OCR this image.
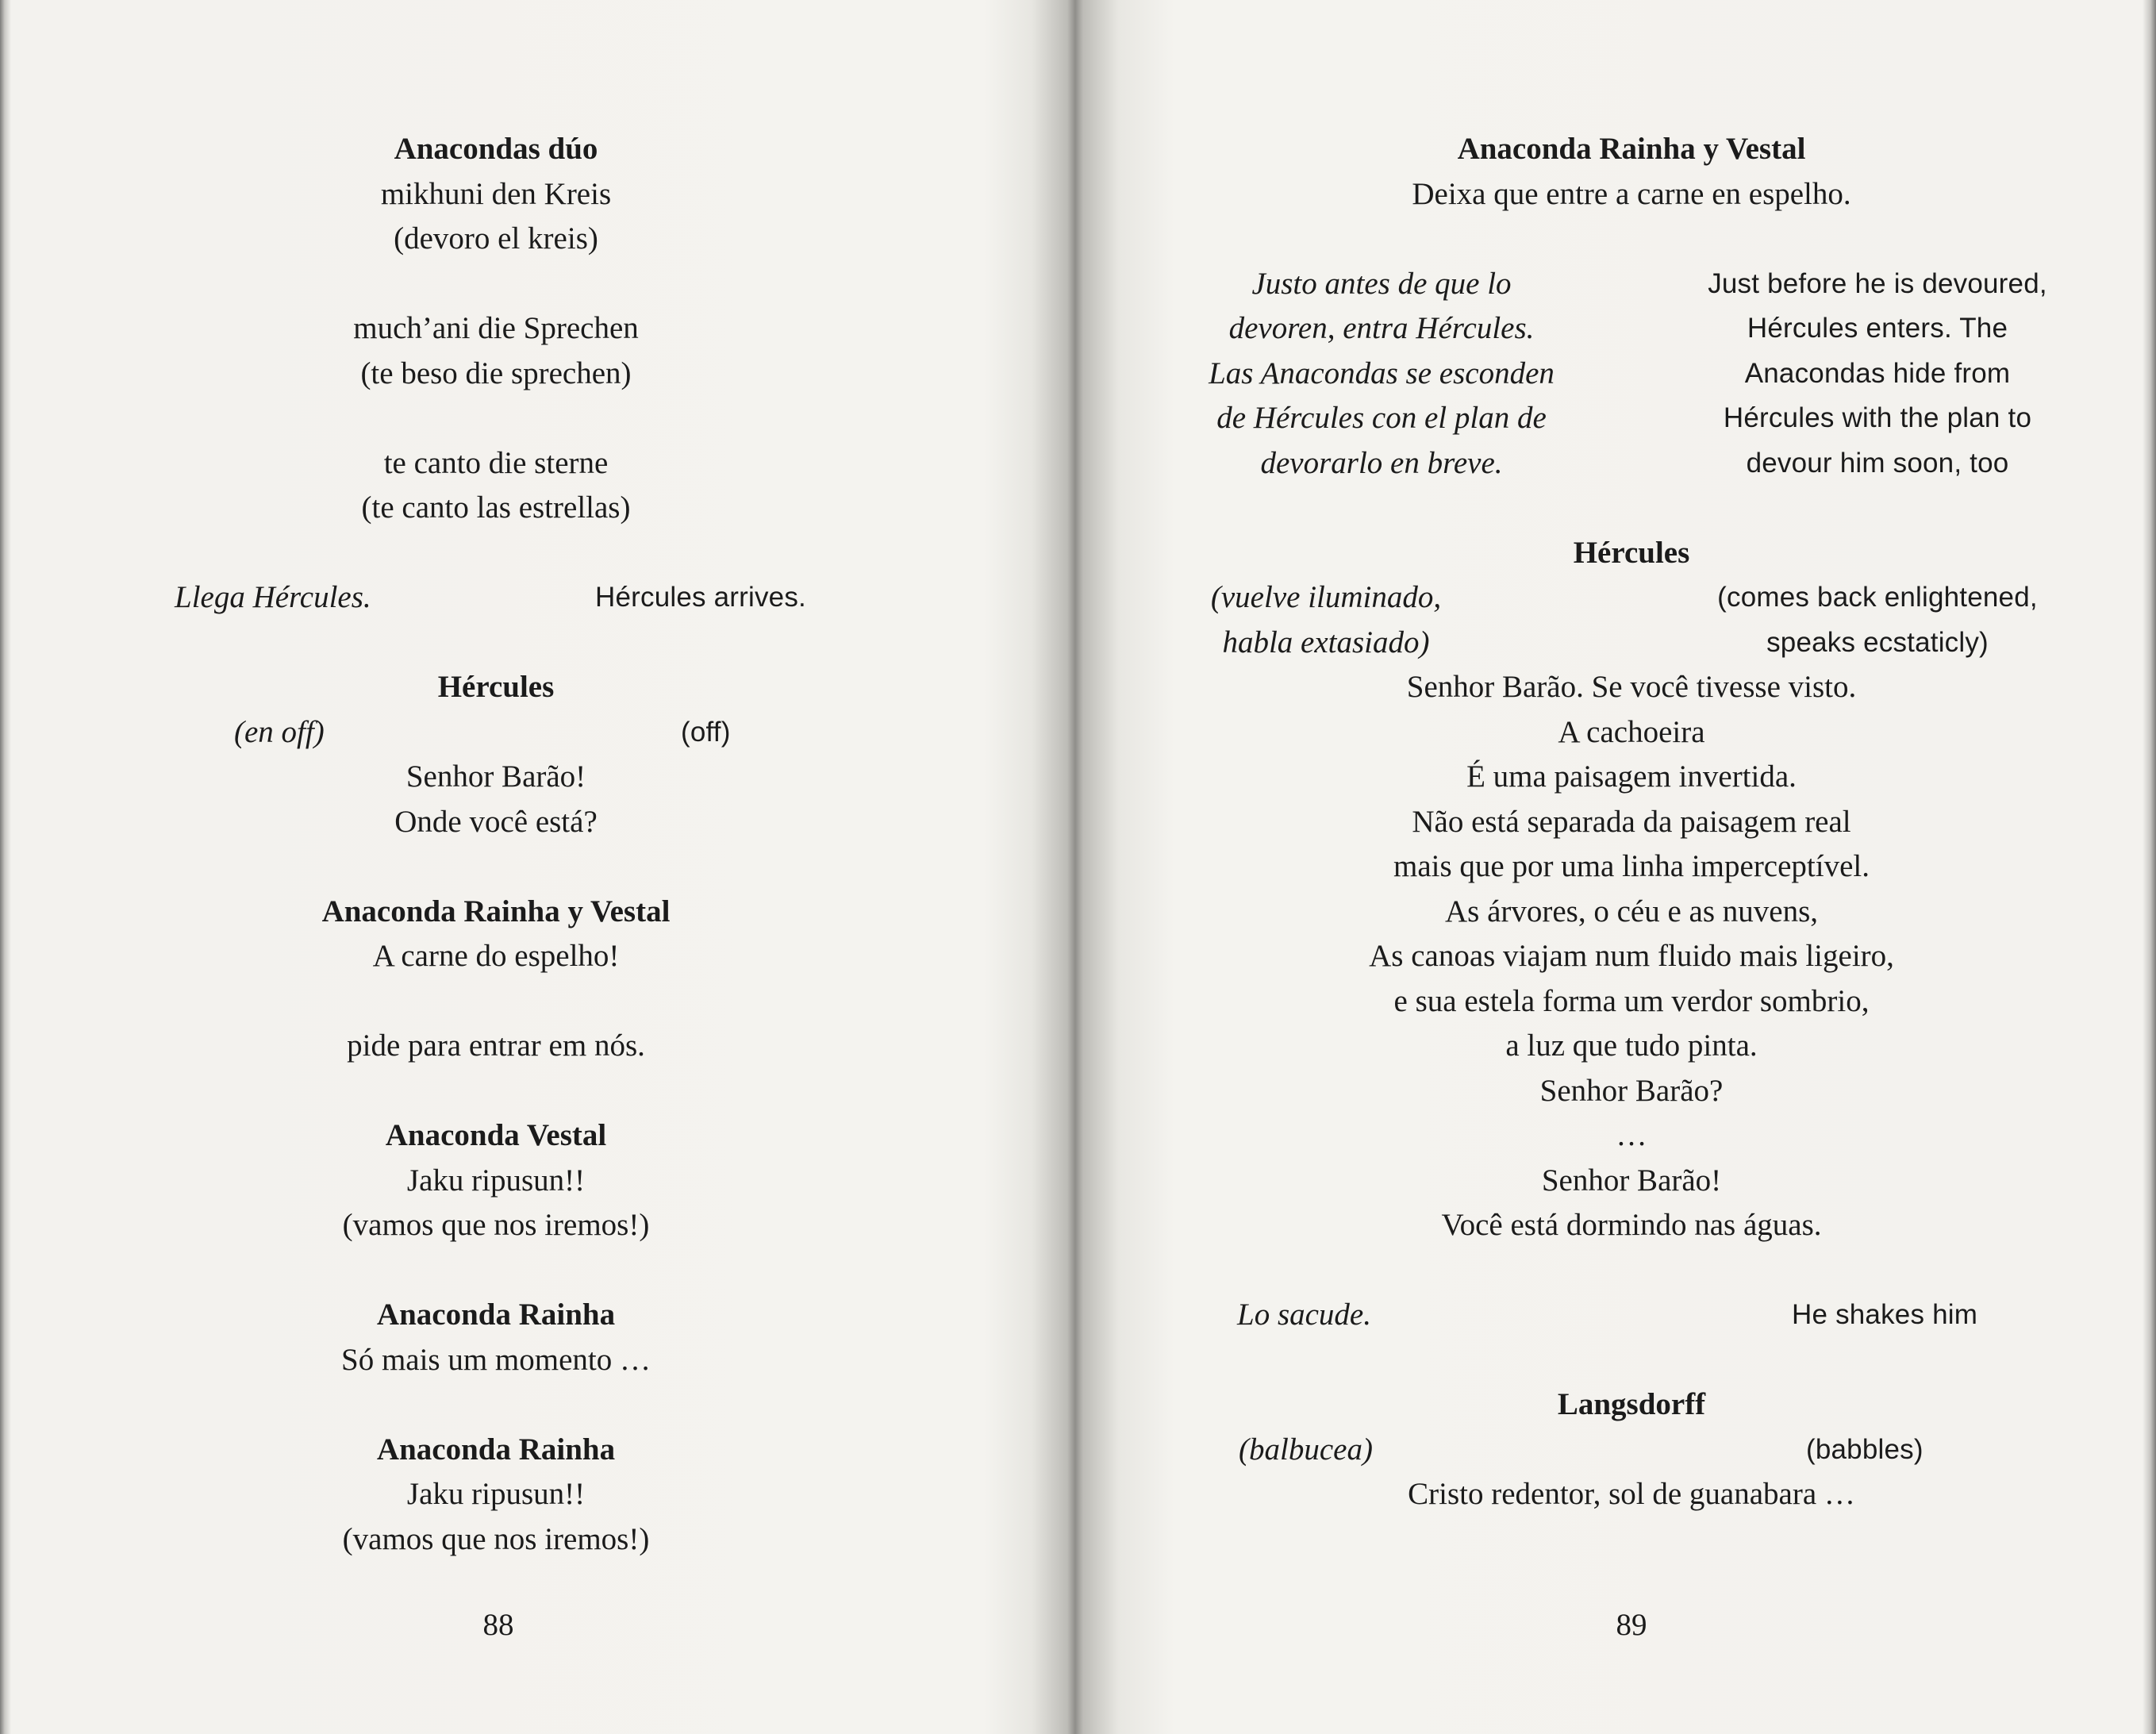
Anacondas dúo
mikhuni den Kreis
(devoro el kreis)
much’ani die Sprechen
(te beso die sprechen)
te canto die sterne
(te canto las estrellas)
Llega Hércules.	Hércules arrives.
Hércules
(en off)	(off)
Senhor Barão!
Onde você está?
Anaconda Rainha y Vestal
A carne do espelho!
pide para entrar em nós.
Anaconda Vestal
Jaku ripusun!!
(vamos que nos iremos!)
Anaconda Rainha
Só mais um momento …
Anaconda Rainha
Jaku ripusun!!
(vamos que nos iremos!)
88
Anaconda Rainha y Vestal
Deixa que entre a carne en espelho.
Justo antes de que lo	Just before he is devoured,
devoren, entra Hércules.	Hércules enters. The
Las Anacondas se esconden	Anacondas hide from
de Hércules con el plan de	Hércules with the plan to
devorarlo en breve.	devour him soon, too
Hércules
(vuelve iluminado,	(comes back enlightened,
habla extasiado)	speaks ecstaticly)
Senhor Barão. Se você tivesse visto.
A cachoeira
É uma paisagem invertida.
Não está separada da paisagem real
mais que por uma linha imperceptível.
As árvores, o céu e as nuvens,
As canoas viajam num fluido mais ligeiro,
e sua estela forma um verdor sombrio,
a luz que tudo pinta.
Senhor Barão?
…
Senhor Barão!
Você está dormindo nas águas.
Lo sacude.	He shakes him
Langsdorff
(balbucea)	(babbles)
Cristo redentor, sol de guanabara …
89
